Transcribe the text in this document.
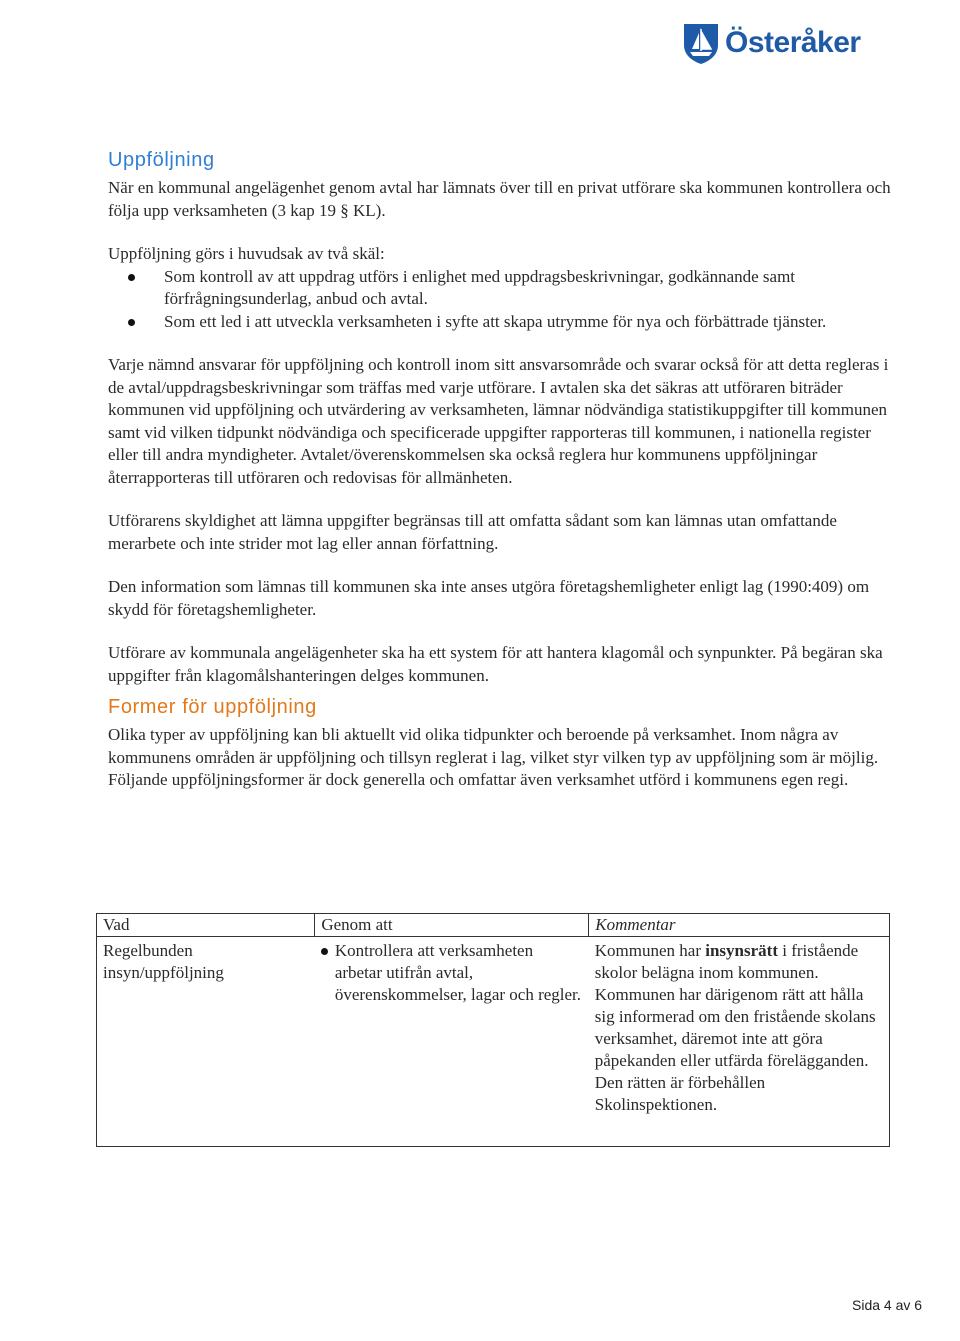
Österåker
Uppföljning

När en kommunal angelägenhet genom avtal har lämnats över till en privat utförare ska kommunen kontrollera och följa upp verksamheten (3 kap 19 § KL).

Uppföljning görs i huvudsak av två skäl:

Som kontroll av att uppdrag utförs i enlighet med uppdragsbeskrivningar, godkännande samt förfrågningsunderlag, anbud och avtal.
Som ett led i att utveckla verksamheten i syfte att skapa utrymme för nya och förbättrade tjänster.

Varje nämnd ansvarar för uppföljning och kontroll inom sitt ansvarsområde och svarar också för att detta regleras i de avtal/uppdragsbeskrivningar som träffas med varje utförare. I avtalen ska det säkras att utföraren biträder kommunen vid uppföljning och utvärdering av verksamheten, lämnar nödvändiga statistikuppgifter till kommunen samt vid vilken tidpunkt nödvändiga och specificerade uppgifter rapporteras till kommunen, i nationella register eller till andra myndigheter. Avtalet/överenskommelsen ska också reglera hur kommunens uppföljningar återrapporteras till utföraren och redovisas för allmänheten.

Utförarens skyldighet att lämna uppgifter begränsas till att omfatta sådant som kan lämnas utan omfattande merarbete och inte strider mot lag eller annan författning.

Den information som lämnas till kommunen ska inte anses utgöra företagshemligheter enligt lag (1990:409) om skydd för företagshemligheter.

Utförare av kommunala angelägenheter ska ha ett system för att hantera klagomål och synpunkter. På begäran ska uppgifter från klagomålshanteringen delges kommunen.

Former för uppföljning

Olika typer av uppföljning kan bli aktuellt vid olika tidpunkter och beroende på verksamhet. Inom några av kommunens områden är uppföljning och tillsyn reglerat i lag, vilket styr vilken typ av uppföljning som är möjlig. Följande uppföljningsformer är dock generella och omfattar även verksamhet utförd i kommunens egen regi.

Vad	Genom att	Kommentar
Regelbunden insyn/uppföljning	Kontrollera att verksamheten arbetar utifrån avtal, överenskommelser, lagar och regler.	Kommunen har insynsrätt i fristående skolor belägna inom kommunen. Kommunen har därigenom rätt att hålla sig informerad om den fristående skolans verksamhet, däremot inte att göra påpekanden eller utfärda förelägganden. Den rätten är förbehållen Skolinspektionen.
Sida 4 av 6
